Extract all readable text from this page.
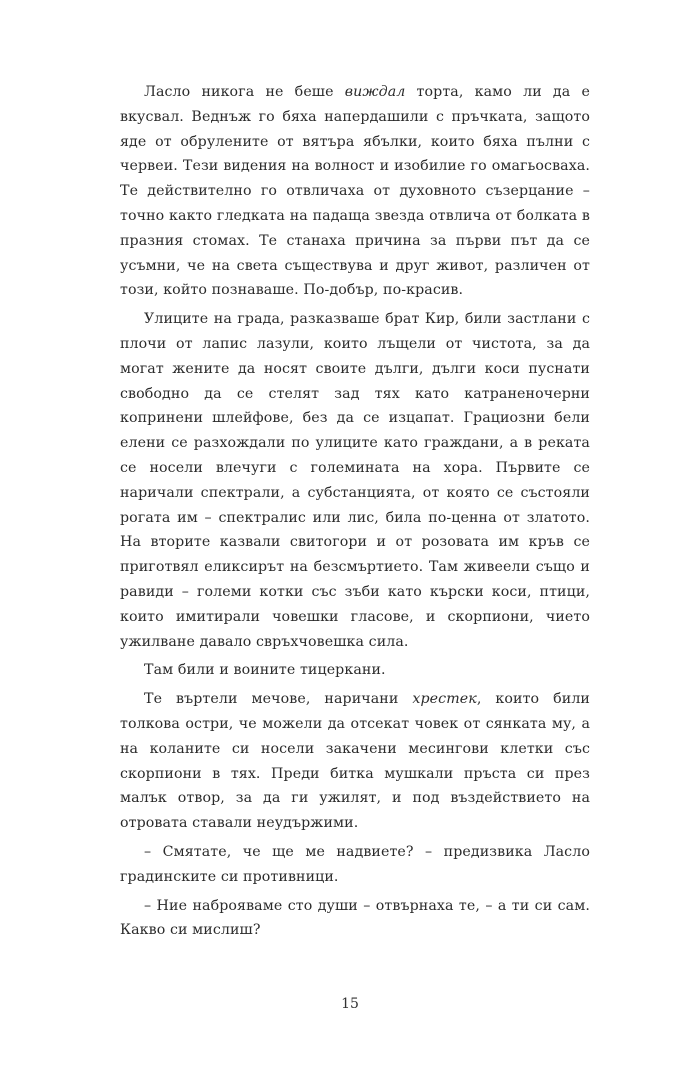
Ласло никога не беше виждал торта, камо ли да е вкусвал. Веднъж го бяха напердашили с пръчката, защото яде от обрулените от вятъра ябълки, които бяха пълни с червеи. Тези видения на волност и изобилие го омагьосваха. Те действително го отвличаха от духовното съзерцание – точно както гледката на падаща звезда отвлича от болката в празния стомах. Те станаха причина за първи път да се усъмни, че на света съществува и друг живот, различен от този, който познаваше. По-добър, по-красив.

Улиците на града, разказваше брат Кир, били застлани с плочи от лапис лазули, които лъщели от чистота, за да могат жените да носят своите дълги, дълги коси пуснати свободно да се стелят зад тях като катраненочерни копринени шлейфове, без да се изцапат. Грациозни бели елени се разхождали по улиците като граждани, а в реката се носели влечуги с големината на хора. Първите се наричали спектрали, а субстанцията, от която се състояли рогата им – спектралис или лис, била по-ценна от златото. На вторите казвали свитогори и от розовата им кръв се приготвял еликсирът на безсмъртието. Там живеели също и равиди – големи котки със зъби като кърски коси, птици, които имитирали човешки гласове, и скорпиони, чието ужилване давало свръхчовешка сила.

Там били и воините тицеркани.

Те въртели мечове, наричани хрестек, които били толкова остри, че можели да отсекат човек от сянката му, а на коланите си носели закачени месингови клетки със скорпиони в тях. Преди битка мушкали пръста си през малък отвор, за да ги ужилят, и под въздействието на отровата ставали неудържими.

– Смятате, че ще ме надвиете? – предизвика Ласло градинските си противници.

– Ние наброяваме сто души – отвърнаха те, – а ти си сам. Какво си мислиш?

15
